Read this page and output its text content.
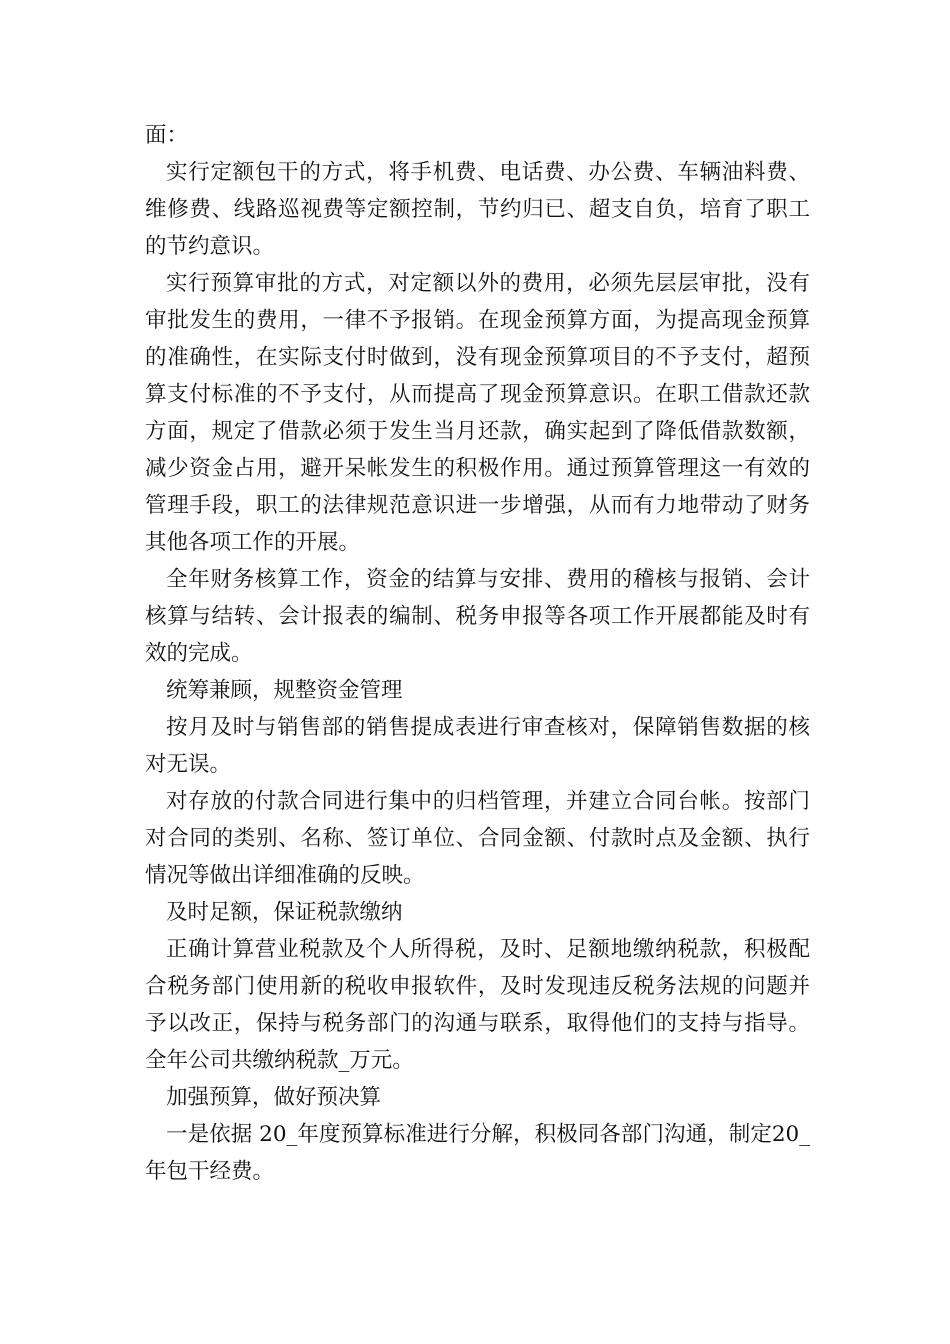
面：

实行定额包干的方式，将手机费、电话费、办公费、车辆油料费、维修费、线路巡视费等定额控制，节约归已、超支自负，培育了职工的节约意识。

实行预算审批的方式，对定额以外的费用，必须先层层审批，没有审批发生的费用，一律不予报销。在现金预算方面，为提高现金预算的准确性，在实际支付时做到，没有现金预算项目的不予支付，超预算支付标准的不予支付，从而提高了现金预算意识。在职工借款还款方面，规定了借款必须于发生当月还款，确实起到了降低借款数额，减少资金占用，避开呆帐发生的积极作用。通过预算管理这一有效的管理手段，职工的法律规范意识进一步增强，从而有力地带动了财务其他各项工作的开展。

全年财务核算工作，资金的结算与安排、费用的稽核与报销、会计核算与结转、会计报表的编制、税务申报等各项工作开展都能及时有效的完成。

统筹兼顾，规整资金管理

按月及时与销售部的销售提成表进行审查核对，保障销售数据的核对无误。

对存放的付款合同进行集中的归档管理，并建立合同台帐。按部门对合同的类别、名称、签订单位、合同金额、付款时点及金额、执行情况等做出详细准确的反映。

及时足额，保证税款缴纳

正确计算营业税款及个人所得税，及时、足额地缴纳税款，积极配合税务部门使用新的税收申报软件，及时发现违反税务法规的问题并予以改正，保持与税务部门的沟通与联系，取得他们的支持与指导。全年公司共缴纳税款_万元。

加强预算，做好预决算

一是依据 20_年度预算标准进行分解，积极同各部门沟通，制定20_年包干经费。
